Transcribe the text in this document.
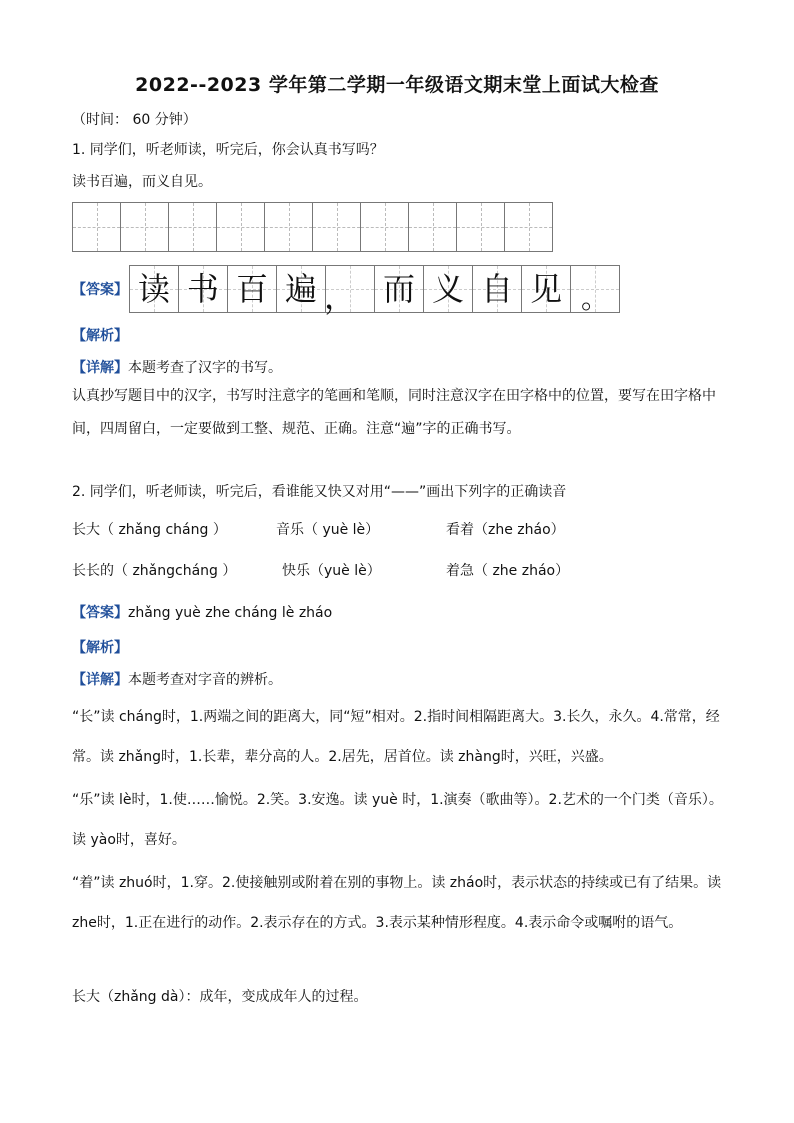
2022--2023 学年第二学期一年级语文期末堂上面试大检查
（时间： 60 分钟）
1. 同学们，听老师读，听完后，你会认真书写吗？
读书百遍，而义自见。
【答案】 读 书 百 遍 ， 而 义 自 见 。
【解析】
【详解】本题考查了汉字的书写。
认真抄写题目中的汉字，书写时注意字的笔画和笔顺，同时注意汉字在田字格中的位置，要写在田字格中间，四周留白，一定要做到工整、规范、正确。注意“遍”字的正确书写。
2. 同学们，听老师读，听完后，看谁能又快又对用“——”画出下列字的正确读音
长大（ zhǎng cháng ）	音乐（ yuè lè）	看着（zhe zháo）
长长的（ zhǎngcháng ）	快乐（yuè lè）	着急（ zhe zháo）
【答案】zhǎng yuè zhe cháng lè zháo
【解析】
【详解】本题考查对字音的辨析。
“长”读 cháng时，1.两端之间的距离大，同“短”相对。2.指时间相隔距离大。3.长久，永久。4.常常，经常。读 zhǎng时，1.长辈，辈分高的人。2.居先，居首位。读 zhàng时，兴旺，兴盛。
“乐”读 lè时，1.使……愉悦。2.笑。3.安逸。读 yuè 时，1.演奏（歌曲等）。2.艺术的一个门类（音乐）。读 yào时，喜好。
“着”读 zhuó时，1.穿。2.使接触别或附着在别的事物上。读 zháo时，表示状态的持续或已有了结果。读 zhe时，1.正在进行的动作。2.表示存在的方式。3.表示某种情形程度。4.表示命令或嘱咐的语气。
长大（zhǎng dà）：成年，变成成年人的过程。
